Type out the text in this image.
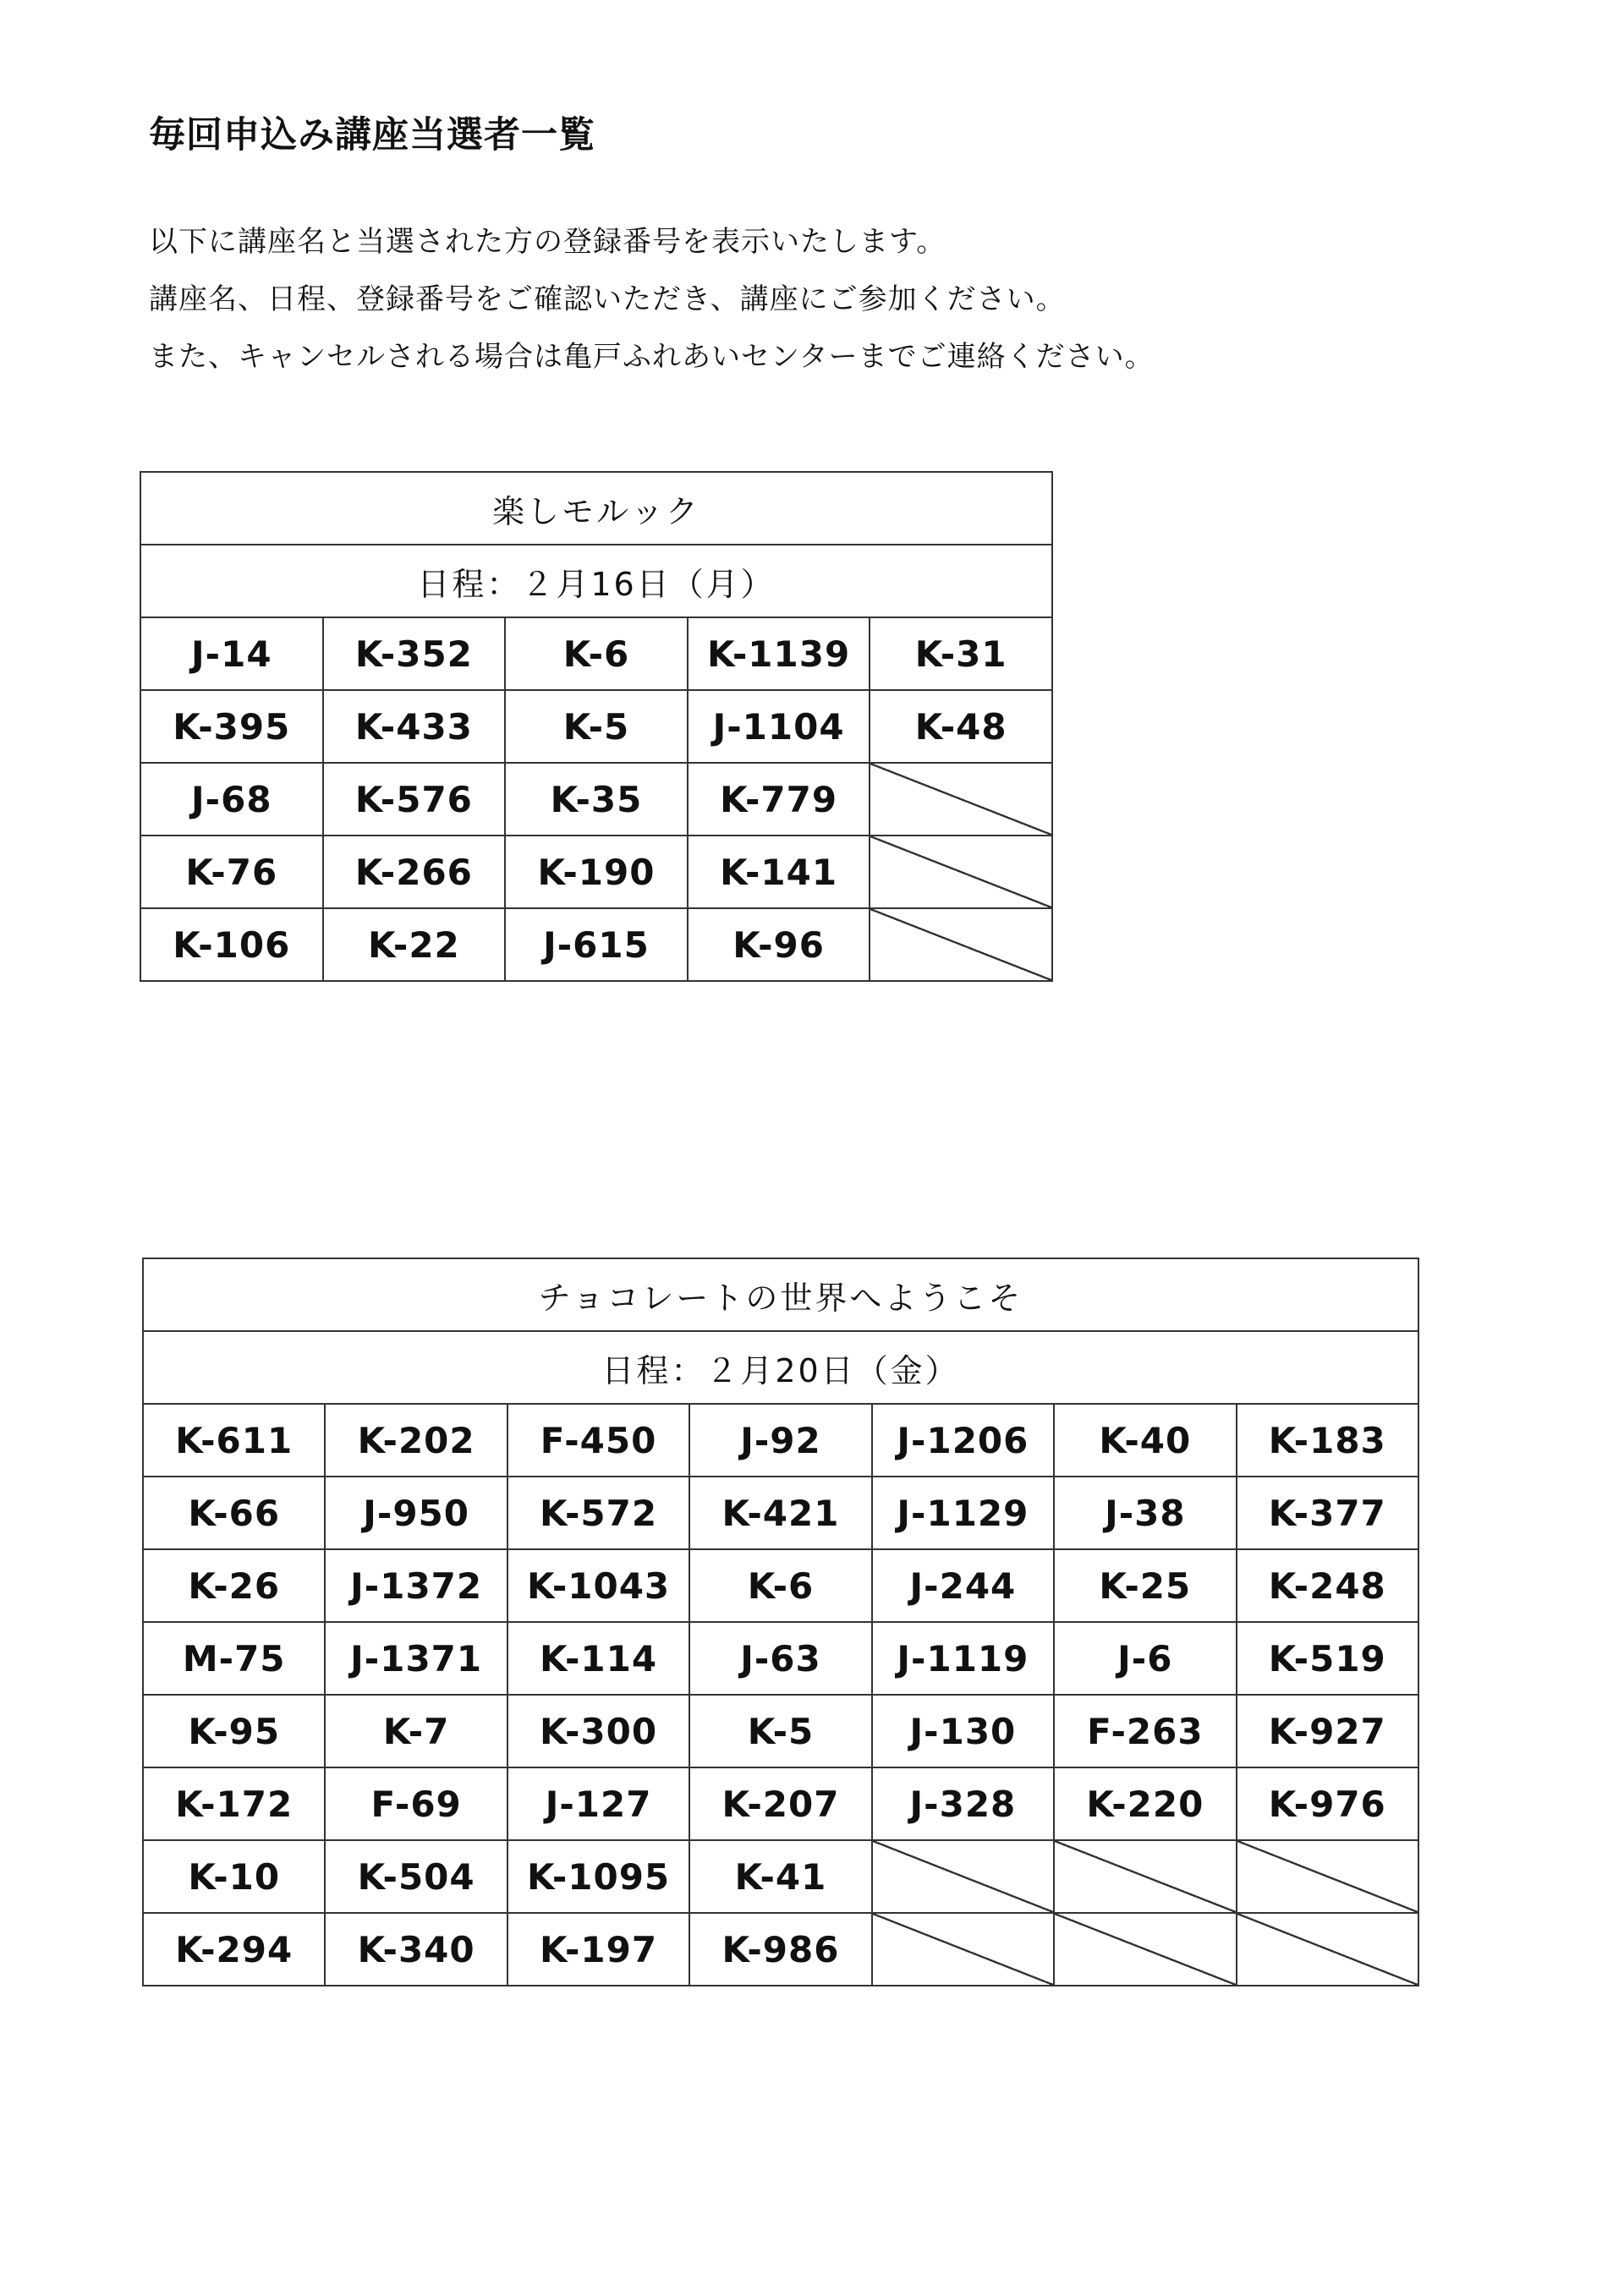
毎回申込み講座当選者一覧
以下に講座名と当選された方の登録番号を表示いたします。
講座名、日程、登録番号をご確認いただき、講座にご参加ください。
また、キャンセルされる場合は亀戸ふれあいセンターまでご連絡ください。
楽しモルック				
日程：２月16日（月）				
J-14	K-352	K-6	K-1139	K-31
K-395	K-433	K-5	J-1104	K-48
J-68	K-576	K-35	K-779	
K-76	K-266	K-190	K-141	
K-106	K-22	J-615	K-96	
チョコレートの世界へようこそ						
日程：２月20日（金）						
K-611	K-202	F-450	J-92	J-1206	K-40	K-183
K-66	J-950	K-572	K-421	J-1129	J-38	K-377
K-26	J-1372	K-1043	K-6	J-244	K-25	K-248
M-75	J-1371	K-114	J-63	J-1119	J-6	K-519
K-95	K-7	K-300	K-5	J-130	F-263	K-927
K-172	F-69	J-127	K-207	J-328	K-220	K-976
K-10	K-504	K-1095	K-41			
K-294	K-340	K-197	K-986			
